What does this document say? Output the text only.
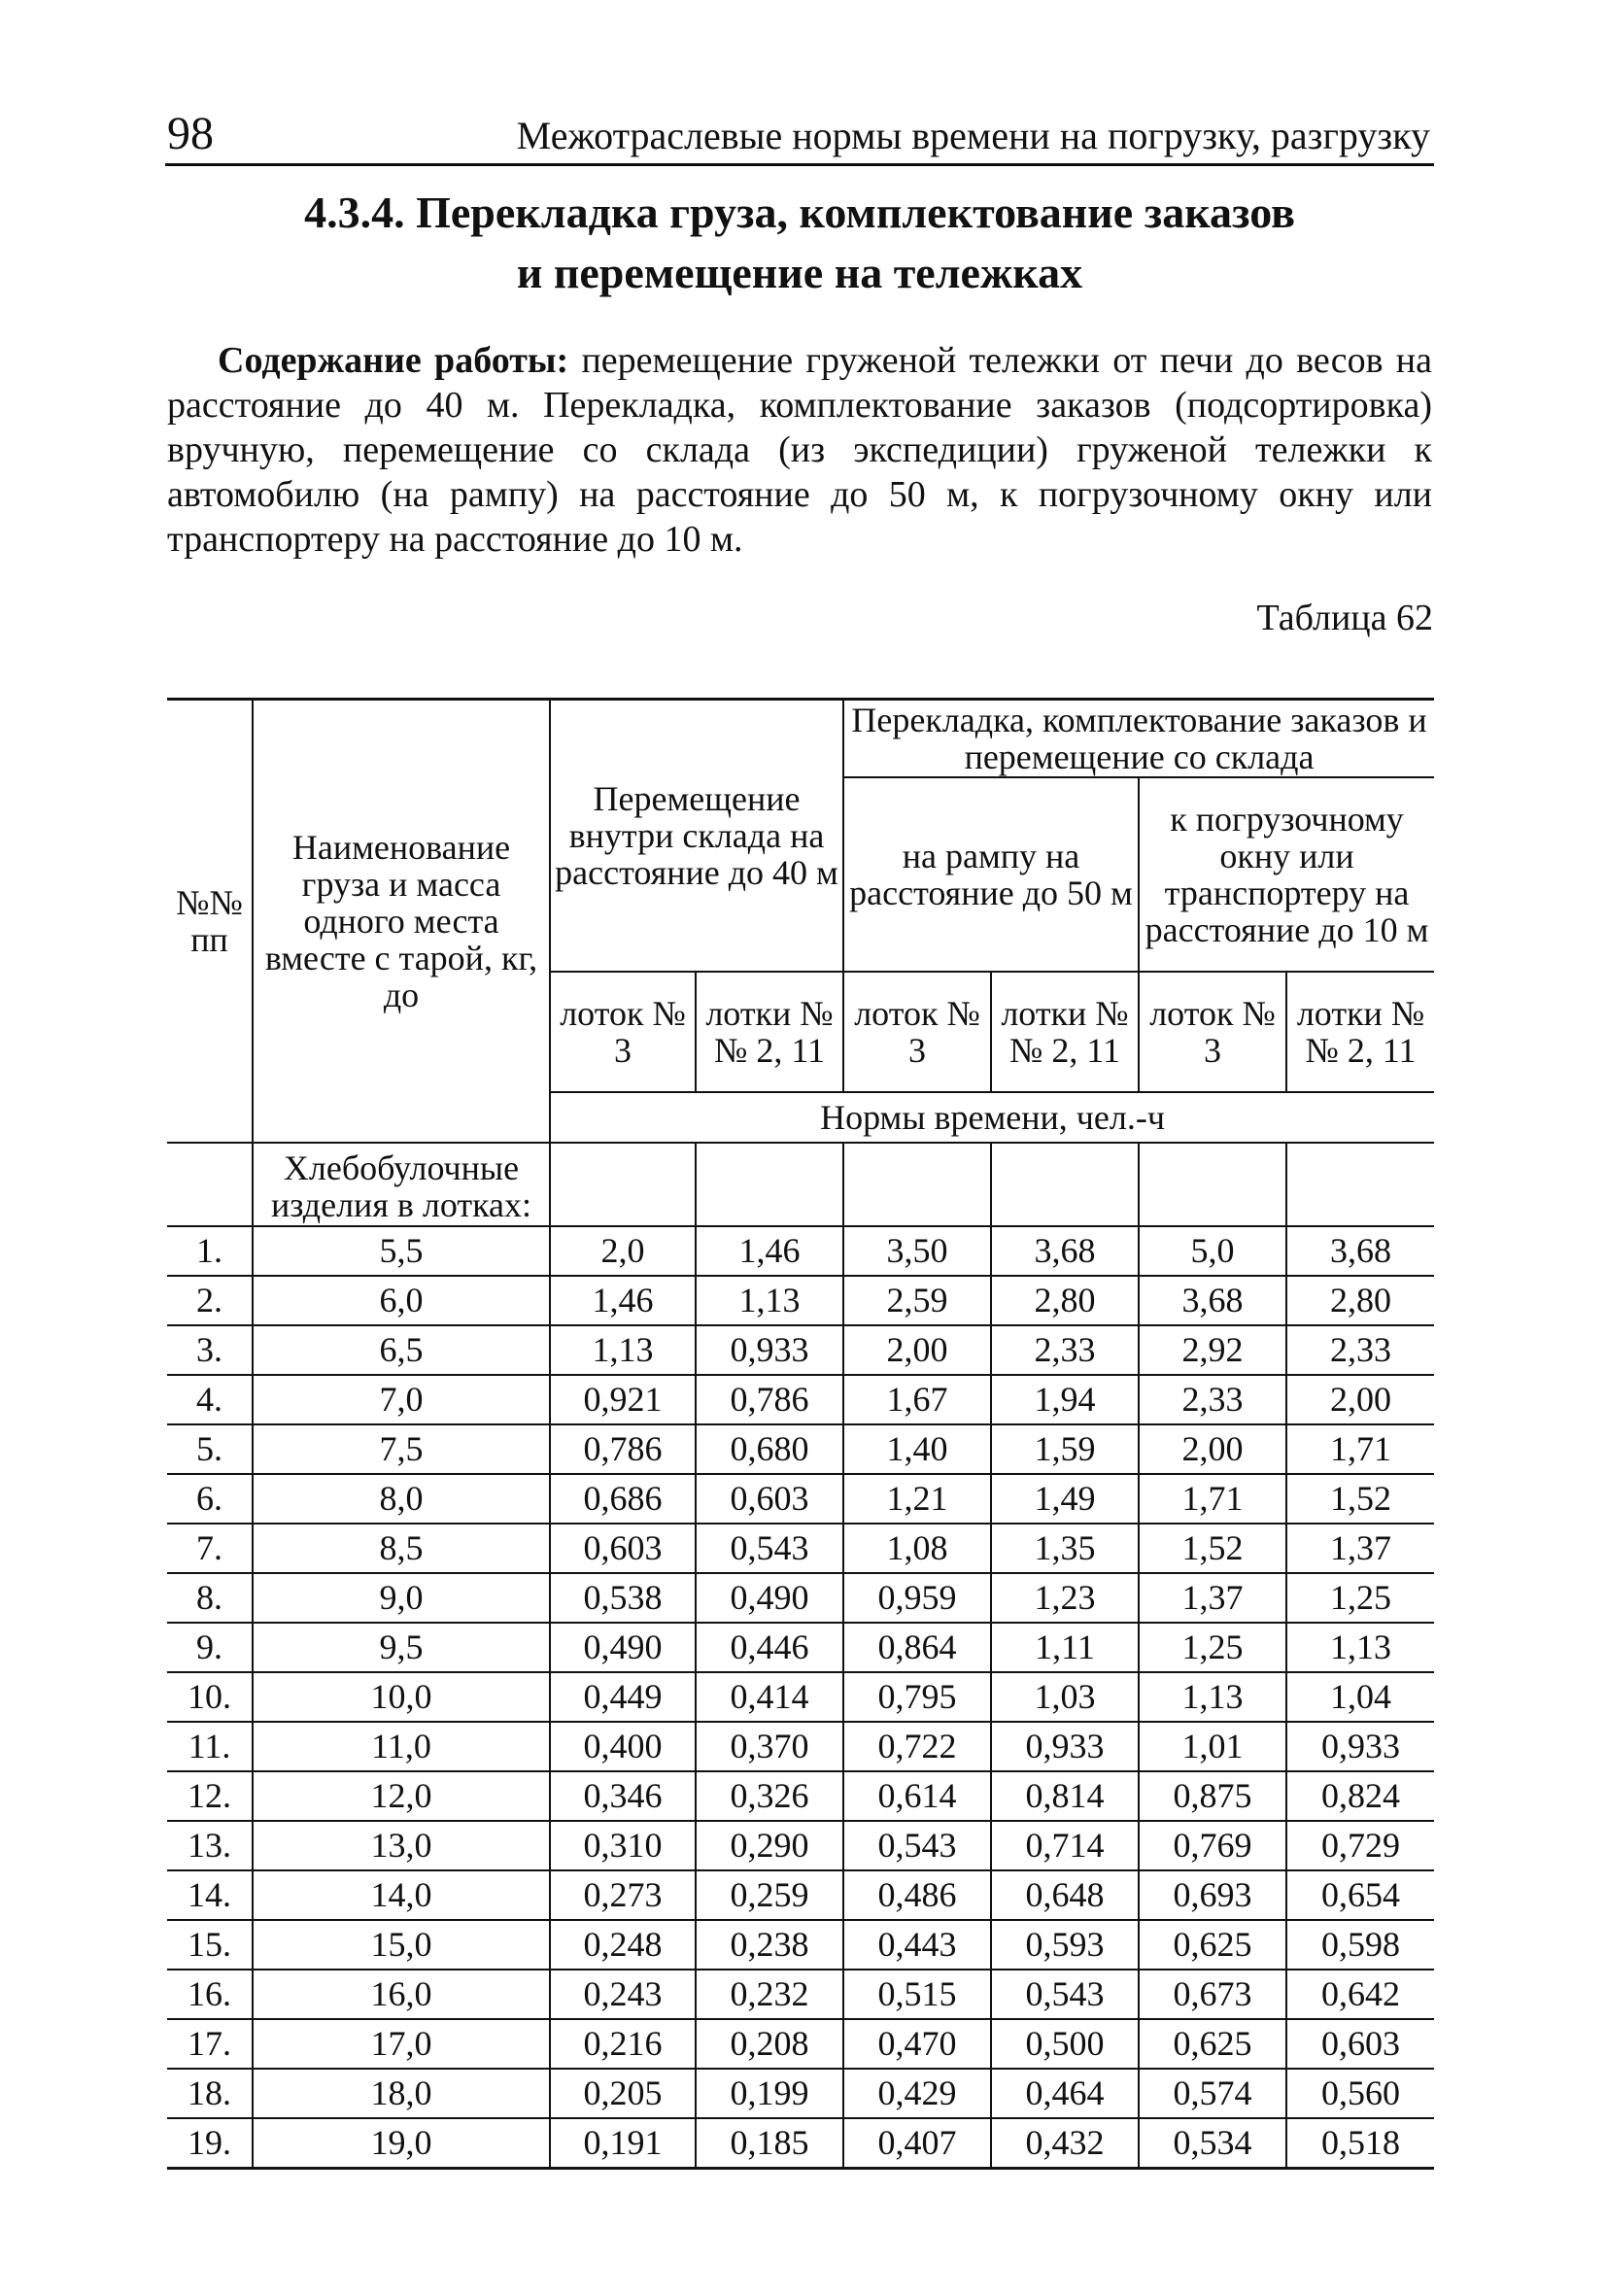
98	Межотраслевые нормы времени на погрузку, разгрузку
4.3.4. Перекладка груза, комплектование заказов
и перемещение на тележках

Содержание работы: перемещение груженой тележки от печи до весов на расстояние до 40 м. Перекладка, комплектование заказов (подсортировка) вручную, перемещение со склада (из экспедиции) груженой тележки к автомобилю (на рампу) на расстояние до 50 м, к погрузочному окну или транспортеру на расстояние до 10 м.

Таблица 62
№№ пп	Наименование груза и масса одного места вместе с тарой, кг, до	Перемещение внутри склада на расстояние до 40 м		Перекладка, комплектование заказов и перемещение со склада			
				на рампу на расстояние до 50 м		к погрузочному окну или транспортеру на расстояние до 10 м	
		лоток № 3	лотки №№ 2, 11	лоток № 3	лотки №№ 2, 11	лоток № 3	лотки №№ 2, 11
		Нормы времени, чел.-ч					
	Хлебобулочные изделия в лотках:						
1.	5,5	2,0	1,46	3,50	3,68	5,0	3,68
2.	6,0	1,46	1,13	2,59	2,80	3,68	2,80
3.	6,5	1,13	0,933	2,00	2,33	2,92	2,33
4.	7,0	0,921	0,786	1,67	1,94	2,33	2,00
5.	7,5	0,786	0,680	1,40	1,59	2,00	1,71
6.	8,0	0,686	0,603	1,21	1,49	1,71	1,52
7.	8,5	0,603	0,543	1,08	1,35	1,52	1,37
8.	9,0	0,538	0,490	0,959	1,23	1,37	1,25
9.	9,5	0,490	0,446	0,864	1,11	1,25	1,13
10.	10,0	0,449	0,414	0,795	1,03	1,13	1,04
11.	11,0	0,400	0,370	0,722	0,933	1,01	0,933
12.	12,0	0,346	0,326	0,614	0,814	0,875	0,824
13.	13,0	0,310	0,290	0,543	0,714	0,769	0,729
14.	14,0	0,273	0,259	0,486	0,648	0,693	0,654
15.	15,0	0,248	0,238	0,443	0,593	0,625	0,598
16.	16,0	0,243	0,232	0,515	0,543	0,673	0,642
17.	17,0	0,216	0,208	0,470	0,500	0,625	0,603
18.	18,0	0,205	0,199	0,429	0,464	0,574	0,560
19.	19,0	0,191	0,185	0,407	0,432	0,534	0,518
